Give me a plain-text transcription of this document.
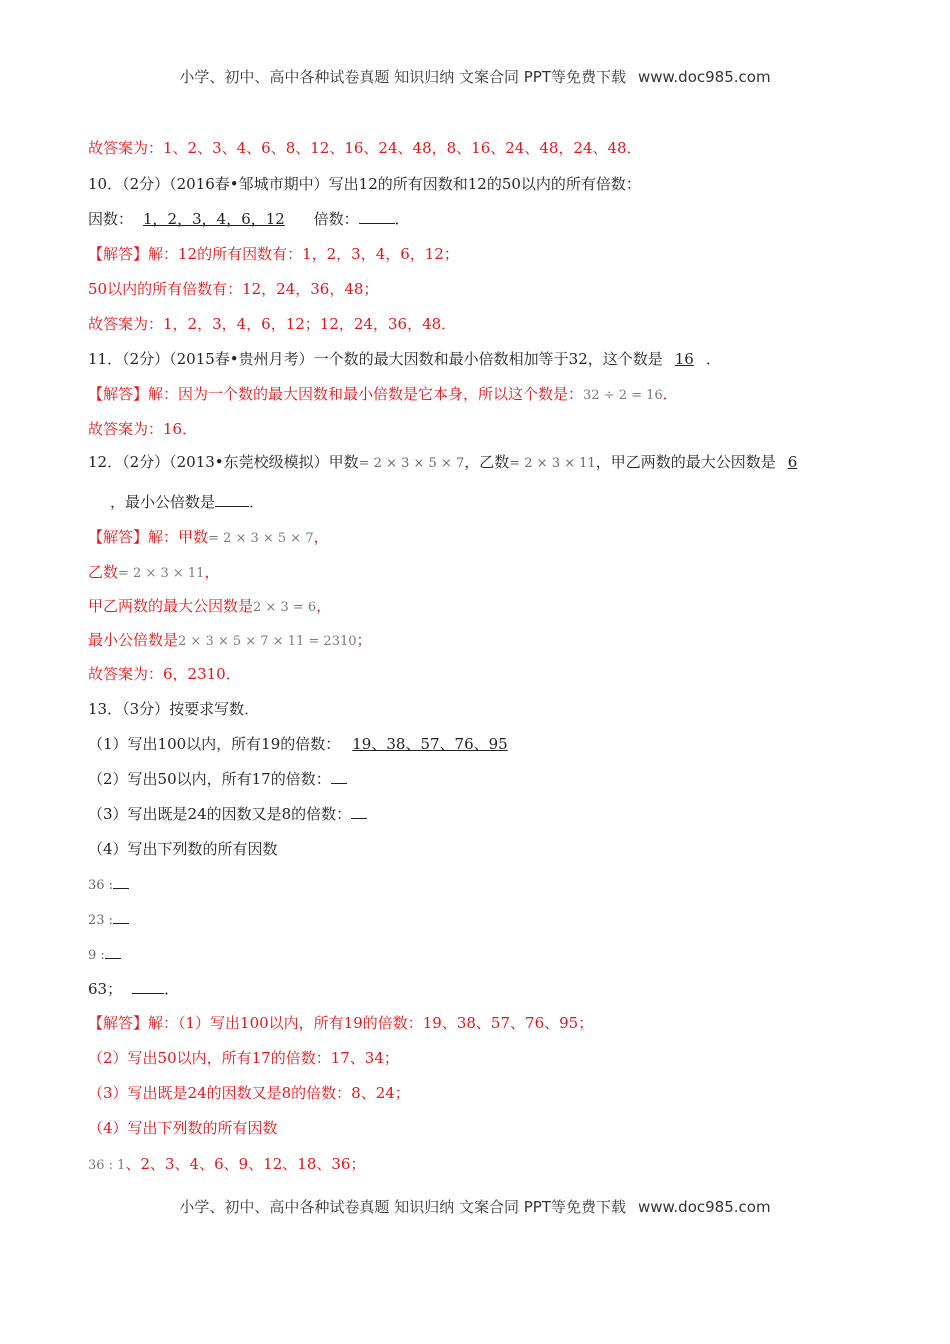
小学、初中、高中各种试卷真题 知识归纳 文案合同 PPT等免费下载 www.doc985.com
故答案为：1、2、3、4、6、8、12、16、24、48，8、16、24、48，24、48．
10．（2分）（2016春•邹城市期中）写出12的所有因数和12的50以内的所有倍数：
因数： 1，2，3，4，6，12 倍数： ．
【解答】解：12的所有因数有：1，2，3，4，6，12；
50以内的所有倍数有：12，24，36，48；
故答案为：1，2，3，4，6，12；12，24，36，48．
11．（2分）（2015春•贵州月考）一个数的最大因数和最小倍数相加等于32，这个数是 16 ．
【解答】解：因为一个数的最大因数和最小倍数是它本身，所以这个数是：32 ÷ 2 = 16．
故答案为：16．
12．（2分）（2013•东莞校级模拟）甲数= 2 × 3 × 5 × 7，乙数= 2 × 3 × 11，甲乙两数的最大公因数是 6
，最小公倍数是 ．
【解答】解：甲数= 2 × 3 × 5 × 7，
乙数= 2 × 3 × 11，
甲乙两数的最大公因数是2 × 3 = 6，
最小公倍数是2 × 3 × 5 × 7 × 11 = 2310；
故答案为：6，2310．
13．（3分）按要求写数．
（1）写出100以内，所有19的倍数： 19、38、57、76、95
（2）写出50以内，所有17的倍数：
（3）写出既是24的因数又是8的倍数：
（4）写出下列数的所有因数
36 :
23 :
9 :
63；	．
【解答】解：（1）写出100以内，所有19的倍数：19、38、57、76、95；
（2）写出50以内，所有17的倍数：17、34；
（3）写出既是24的因数又是8的倍数：8、24；
（4）写出下列数的所有因数
36 : 1、2、3、4、6、9、12、18、36；
小学、初中、高中各种试卷真题 知识归纳 文案合同 PPT等免费下载 www.doc985.com
